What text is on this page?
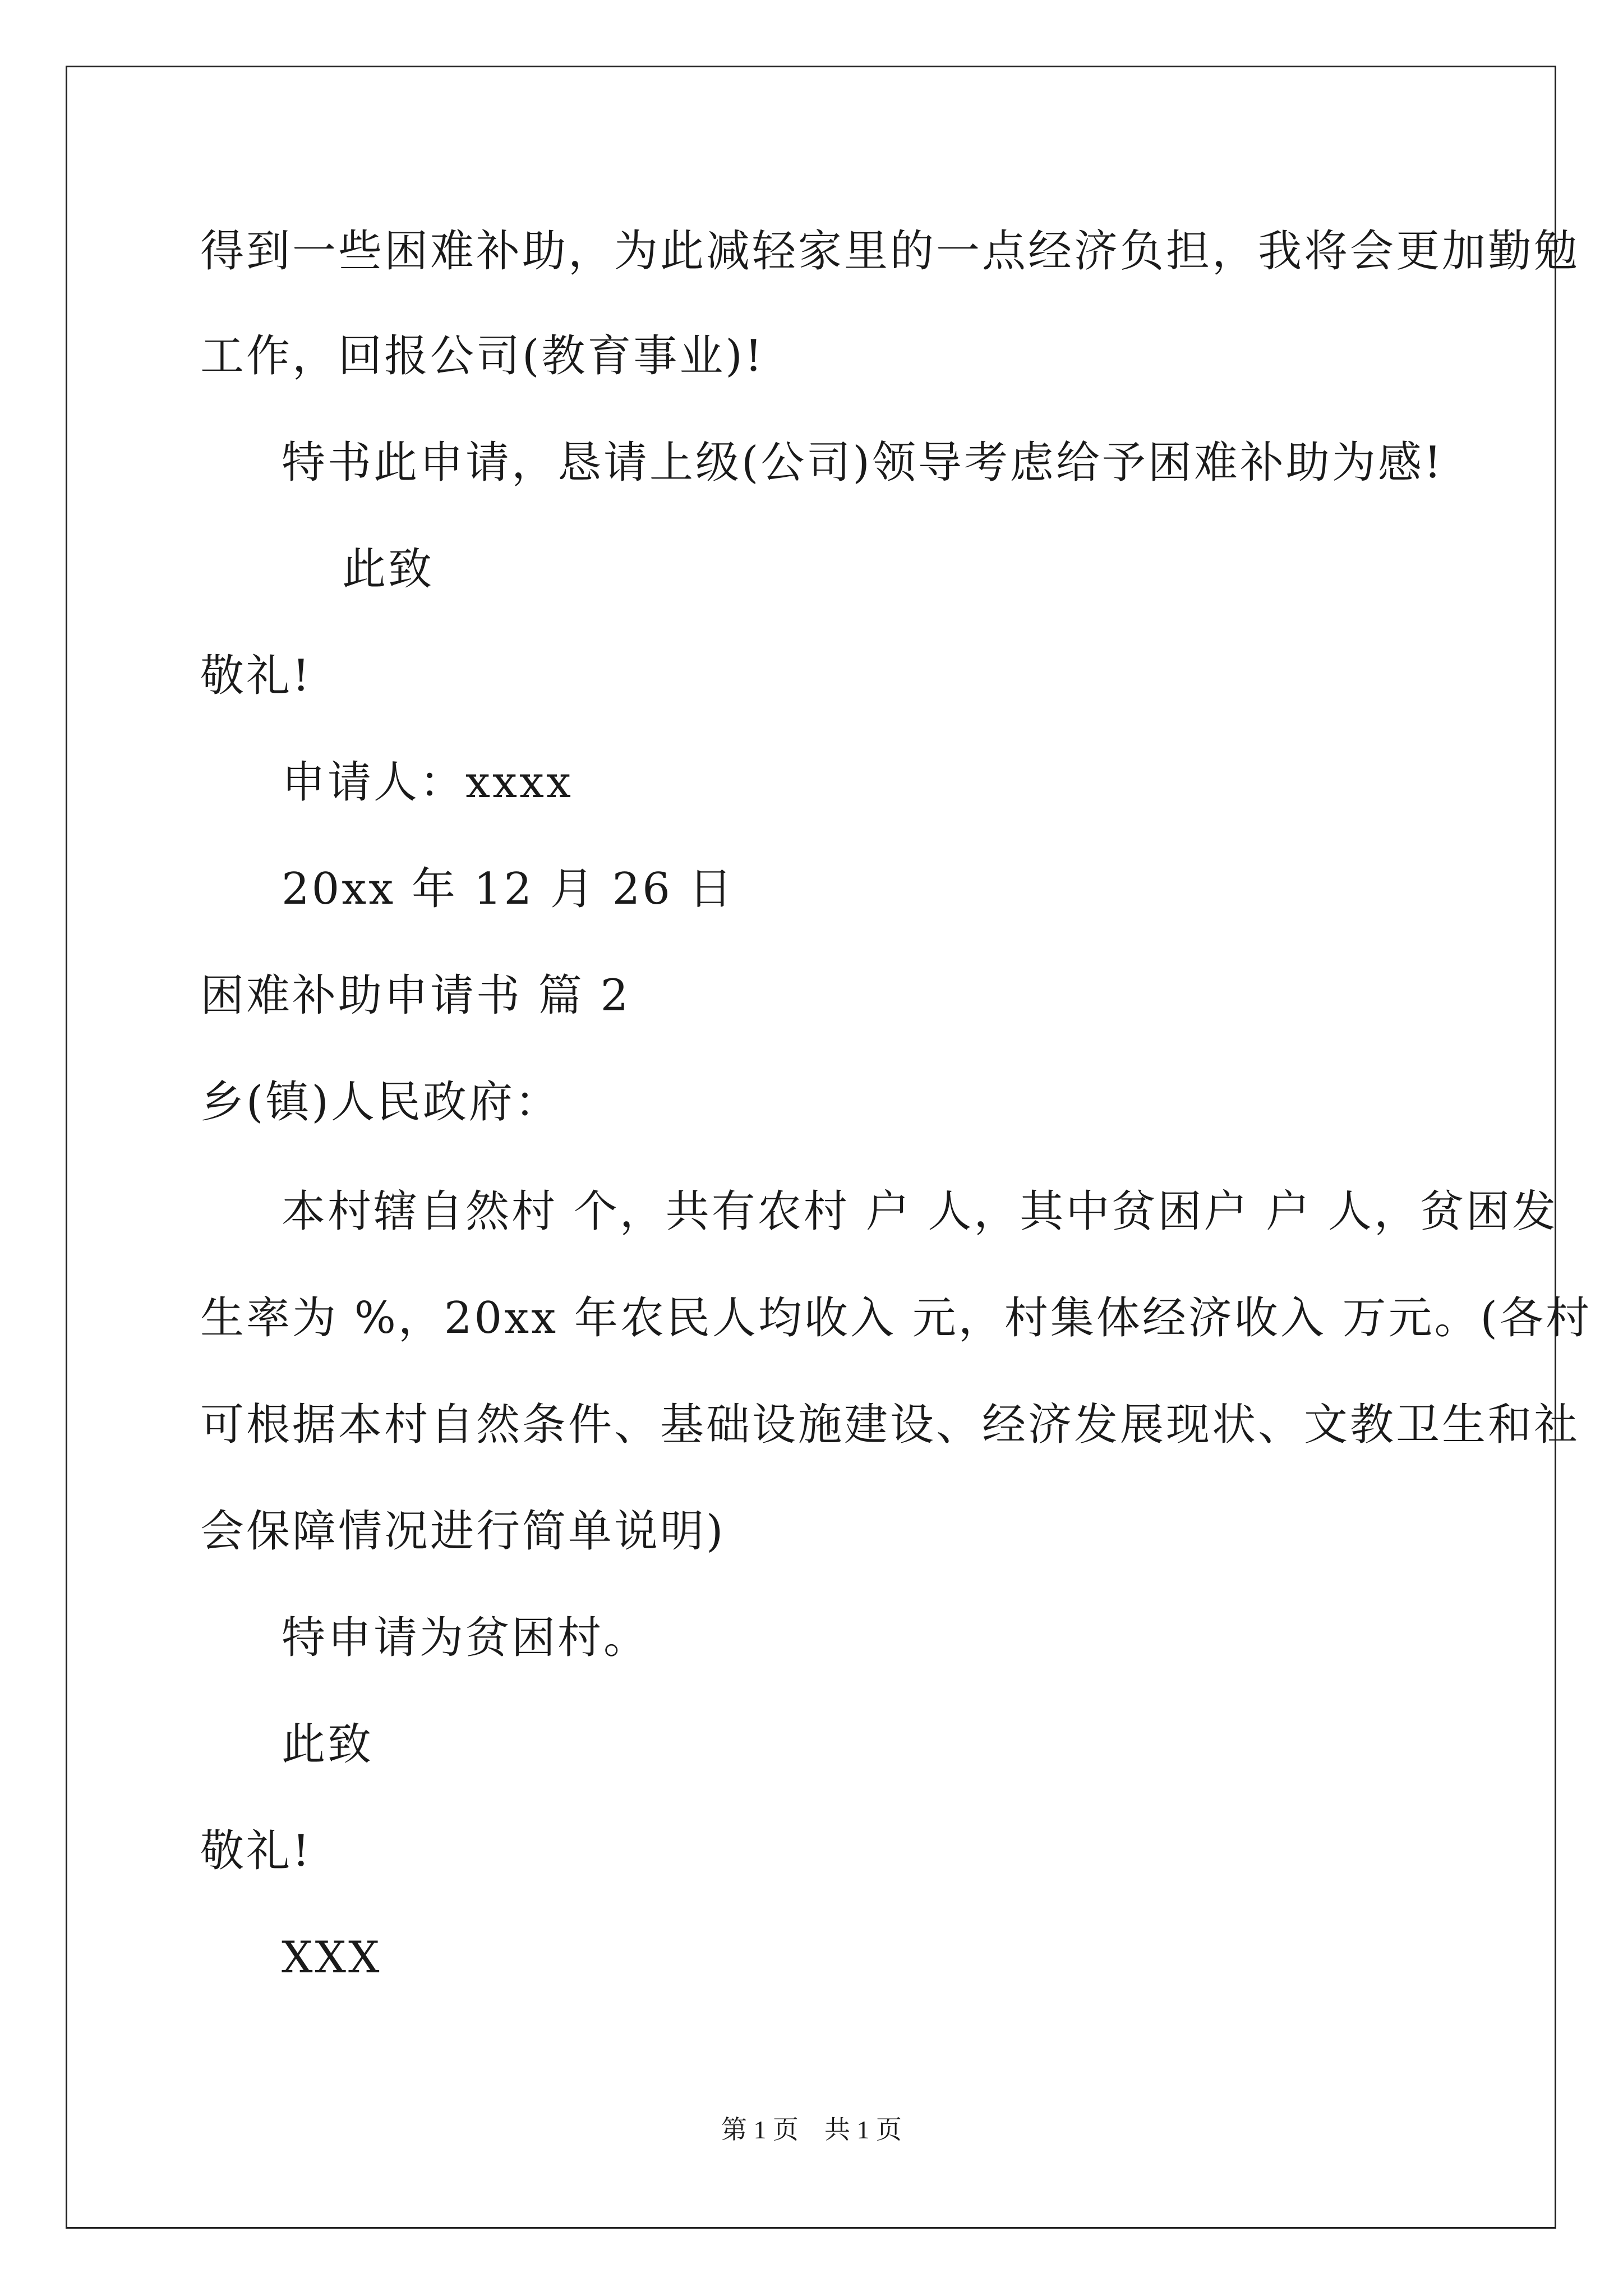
得到一些困难补助，为此减轻家里的一点经济负担，我将会更加勤勉
工作，回报公司(教育事业)!
特书此申请，恳请上级(公司)领导考虑给予困难补助为感!
此致
敬礼!
申请人：xxxx
20xx 年 12 月 26 日
困难补助申请书 篇 2
乡(镇)人民政府：
本村辖自然村 个，共有农村 户 人，其中贫困户 户 人，贫困发
生率为 %，20xx 年农民人均收入 元，村集体经济收入 万元。(各村
可根据本村自然条件、基础设施建设、经济发展现状、文教卫生和社
会保障情况进行简单说明)
特申请为贫困村。
此致
敬礼!
XXX
第 1 页    共 1 页
